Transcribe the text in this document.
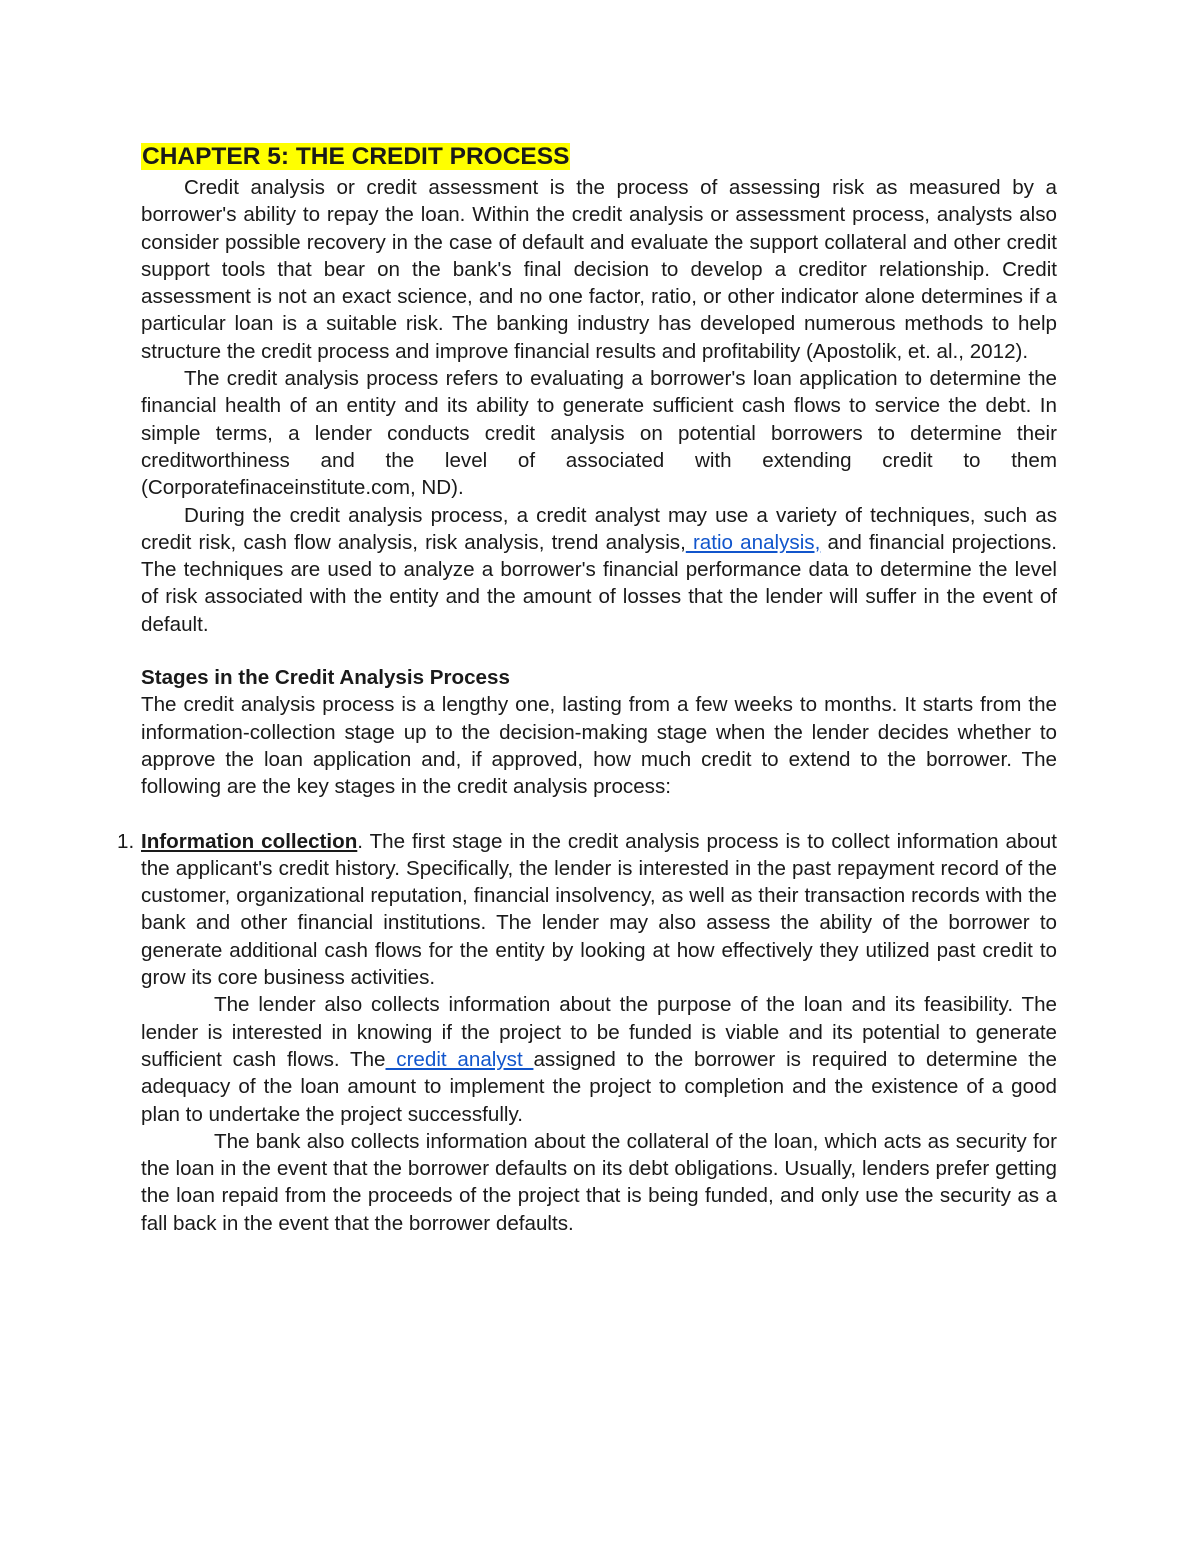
CHAPTER 5: THE CREDIT PROCESS

Credit analysis or credit assessment is the process of assessing risk as measured by a borrower's ability to repay the loan. Within the credit analysis or assessment process, analysts also consider possible recovery in the case of default and evaluate the support collateral and other credit support tools that bear on the bank's final decision to develop a creditor relationship. Credit assessment is not an exact science, and no one factor, ratio, or other indicator alone determines if a particular loan is a suitable risk. The banking industry has developed numerous methods to help structure the credit process and improve financial results and profitability (Apostolik, et. al., 2012).

The credit analysis process refers to evaluating a borrower's loan application to determine the financial health of an entity and its ability to generate sufficient cash flows to service the debt. In simple terms, a lender conducts credit analysis on potential borrowers to determine their creditworthiness and the level of associated with extending credit to them (Corporatefinaceinstitute.com, ND).

During the credit analysis process, a credit analyst may use a variety of techniques, such as credit risk, cash flow analysis, risk analysis, trend analysis, ratio analysis, and financial projections. The techniques are used to analyze a borrower's financial performance data to determine the level of risk associated with the entity and the amount of losses that the lender will suffer in the event of default.

Stages in the Credit Analysis Process

The credit analysis process is a lengthy one, lasting from a few weeks to months. It starts from the information-collection stage up to the decision-making stage when the lender decides whether to approve the loan application and, if approved, how much credit to extend to the borrower. The following are the key stages in the credit analysis process:

1. Information collection. The first stage in the credit analysis process is to collect information about the applicant's credit history. Specifically, the lender is interested in the past repayment record of the customer, organizational reputation, financial insolvency, as well as their transaction records with the bank and other financial institutions. The lender may also assess the ability of the borrower to generate additional cash flows for the entity by looking at how effectively they utilized past credit to grow its core business activities.

The lender also collects information about the purpose of the loan and its feasibility. The lender is interested in knowing if the project to be funded is viable and its potential to generate sufficient cash flows. The credit analyst assigned to the borrower is required to determine the adequacy of the loan amount to implement the project to completion and the existence of a good plan to undertake the project successfully.

The bank also collects information about the collateral of the loan, which acts as security for the loan in the event that the borrower defaults on its debt obligations. Usually, lenders prefer getting the loan repaid from the proceeds of the project that is being funded, and only use the security as a fall back in the event that the borrower defaults.
